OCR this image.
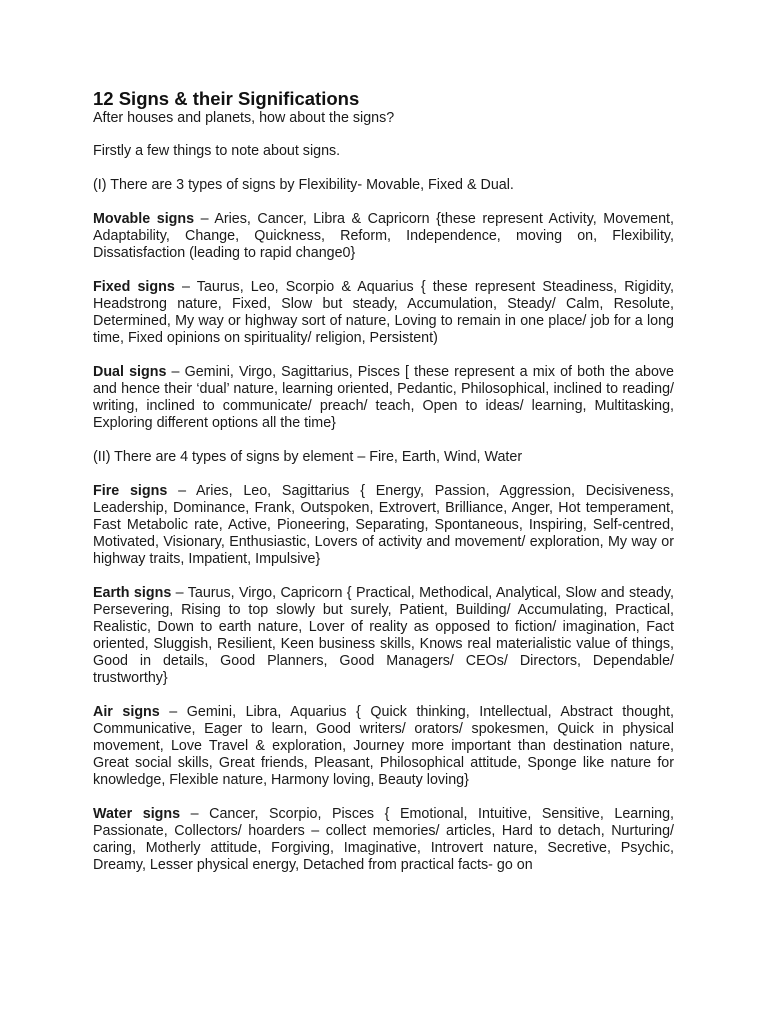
12 Signs & their Significations
After houses and planets, how about the signs?

Firstly a few things to note about signs.

(I) There are 3 types of signs by Flexibility- Movable, Fixed & Dual.

Movable signs – Aries, Cancer, Libra & Capricorn {these represent Activity, Movement, Adaptability, Change, Quickness, Reform, Independence, moving on, Flexibility, Dissatisfaction (leading to rapid change0}

Fixed signs – Taurus, Leo, Scorpio & Aquarius { these represent Steadiness, Rigidity, Headstrong nature, Fixed, Slow but steady, Accumulation, Steady/ Calm, Resolute, Determined, My way or highway sort of nature, Loving to remain in one place/ job for a long time, Fixed opinions on spirituality/ religion, Persistent)

Dual signs – Gemini, Virgo, Sagittarius, Pisces [ these represent a mix of both the above and hence their ‘dual’ nature, learning oriented, Pedantic, Philosophical, inclined to reading/ writing, inclined to communicate/ preach/ teach, Open to ideas/ learning, Multitasking, Exploring different options all the time}

(II) There are 4 types of signs by element – Fire, Earth, Wind, Water

Fire signs – Aries, Leo, Sagittarius { Energy, Passion, Aggression, Decisiveness, Leadership, Dominance, Frank, Outspoken, Extrovert, Brilliance, Anger, Hot temperament, Fast Metabolic rate, Active, Pioneering, Separating, Spontaneous, Inspiring, Self-centred, Motivated, Visionary, Enthusiastic, Lovers of activity and movement/ exploration, My way or highway traits, Impatient, Impulsive}

Earth signs – Taurus, Virgo, Capricorn { Practical, Methodical, Analytical, Slow and steady, Persevering, Rising to top slowly but surely, Patient, Building/ Accumulating, Practical, Realistic, Down to earth nature, Lover of reality as opposed to fiction/ imagination, Fact oriented, Sluggish, Resilient, Keen business skills, Knows real materialistic value of things, Good in details, Good Planners, Good Managers/ CEOs/ Directors, Dependable/ trustworthy}

Air signs – Gemini, Libra, Aquarius { Quick thinking, Intellectual, Abstract thought, Communicative, Eager to learn, Good writers/ orators/ spokesmen, Quick in physical movement, Love Travel & exploration, Journey more important than destination nature, Great social skills, Great friends, Pleasant, Philosophical attitude, Sponge like nature for knowledge, Flexible nature, Harmony loving, Beauty loving}

Water signs – Cancer, Scorpio, Pisces { Emotional, Intuitive, Sensitive, Learning, Passionate, Collectors/ hoarders – collect memories/ articles, Hard to detach, Nurturing/ caring, Motherly attitude, Forgiving, Imaginative, Introvert nature, Secretive, Psychic, Dreamy, Lesser physical energy, Detached from practical facts- go on
